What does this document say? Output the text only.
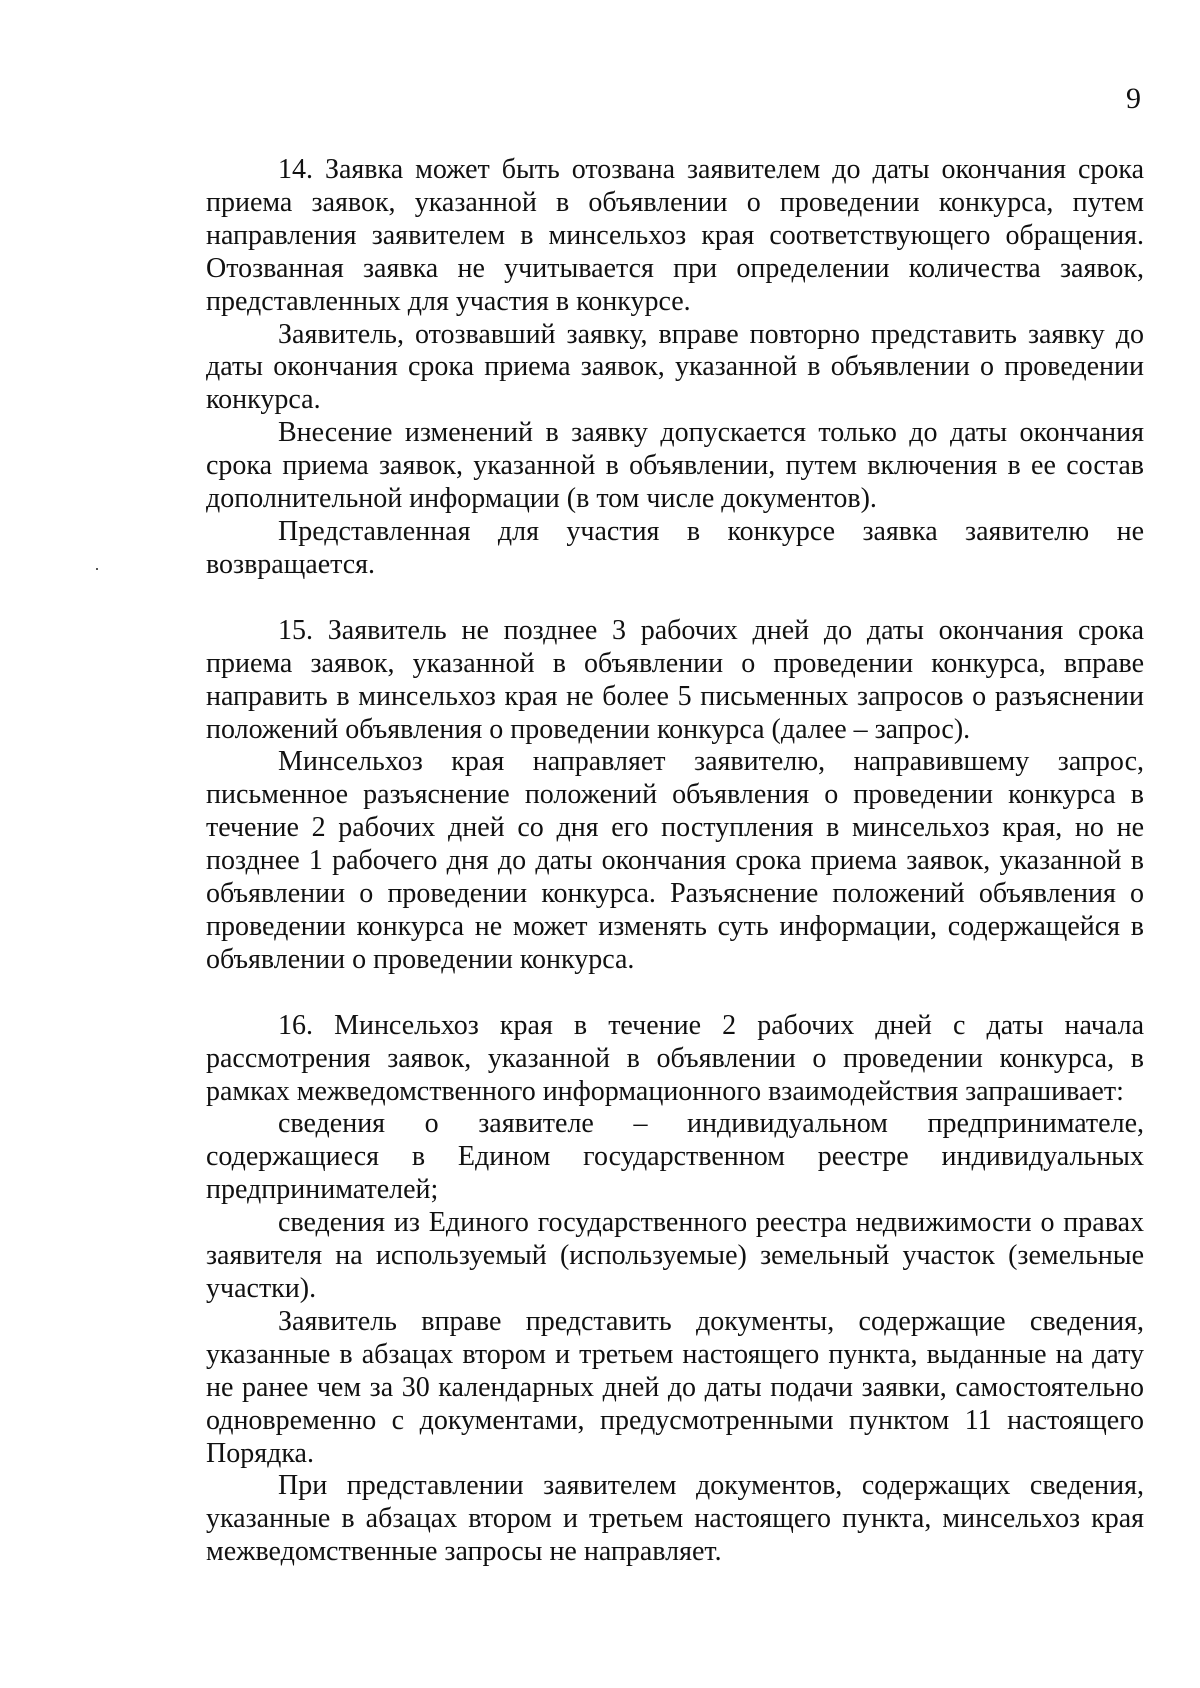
9

14. Заявка может быть отозвана заявителем до даты окончания срока приема заявок, указанной в объявлении о проведении конкурса, путем направления заявителем в минсельхоз края соответствующего обращения. Отозванная заявка не учитывается при определении количества заявок, представленных для участия в конкурсе.

Заявитель, отозвавший заявку, вправе повторно представить заявку до даты окончания срока приема заявок, указанной в объявлении о проведении конкурса.

Внесение изменений в заявку допускается только до даты окончания срока приема заявок, указанной в объявлении, путем включения в ее состав дополнительной информации (в том числе документов).

Представленная для участия в конкурсе заявка заявителю не возвращается.

15. Заявитель не позднее 3 рабочих дней до даты окончания срока приема заявок, указанной в объявлении о проведении конкурса, вправе направить в минсельхоз края не более 5 письменных запросов о разъяснении положений объявления о проведении конкурса (далее – запрос).

Минсельхоз края направляет заявителю, направившему запрос, письменное разъяснение положений объявления о проведении конкурса в течение 2 рабочих дней со дня его поступления в минсельхоз края, но не позднее 1 рабочего дня до даты окончания срока приема заявок, указанной в объявлении о проведении конкурса. Разъяснение положений объявления о проведении конкурса не может изменять суть информации, содержащейся в объявлении о проведении конкурса.

16. Минсельхоз края в течение 2 рабочих дней с даты начала рассмотрения заявок, указанной в объявлении о проведении конкурса, в рамках межведомственного информационного взаимодействия запрашивает:

сведения о заявителе – индивидуальном предпринимателе, содержащиеся в Едином государственном реестре индивидуальных предпринимателей;

сведения из Единого государственного реестра недвижимости о правах заявителя на используемый (используемые) земельный участок (земельные участки).

Заявитель вправе представить документы, содержащие сведения, указанные в абзацах втором и третьем настоящего пункта, выданные на дату не ранее чем за 30 календарных дней до даты подачи заявки, самостоятельно одновременно с документами, предусмотренными пунктом 11 настоящего Порядка.

При представлении заявителем документов, содержащих сведения, указанные в абзацах втором и третьем настоящего пункта, минсельхоз края межведомственные запросы не направляет.
